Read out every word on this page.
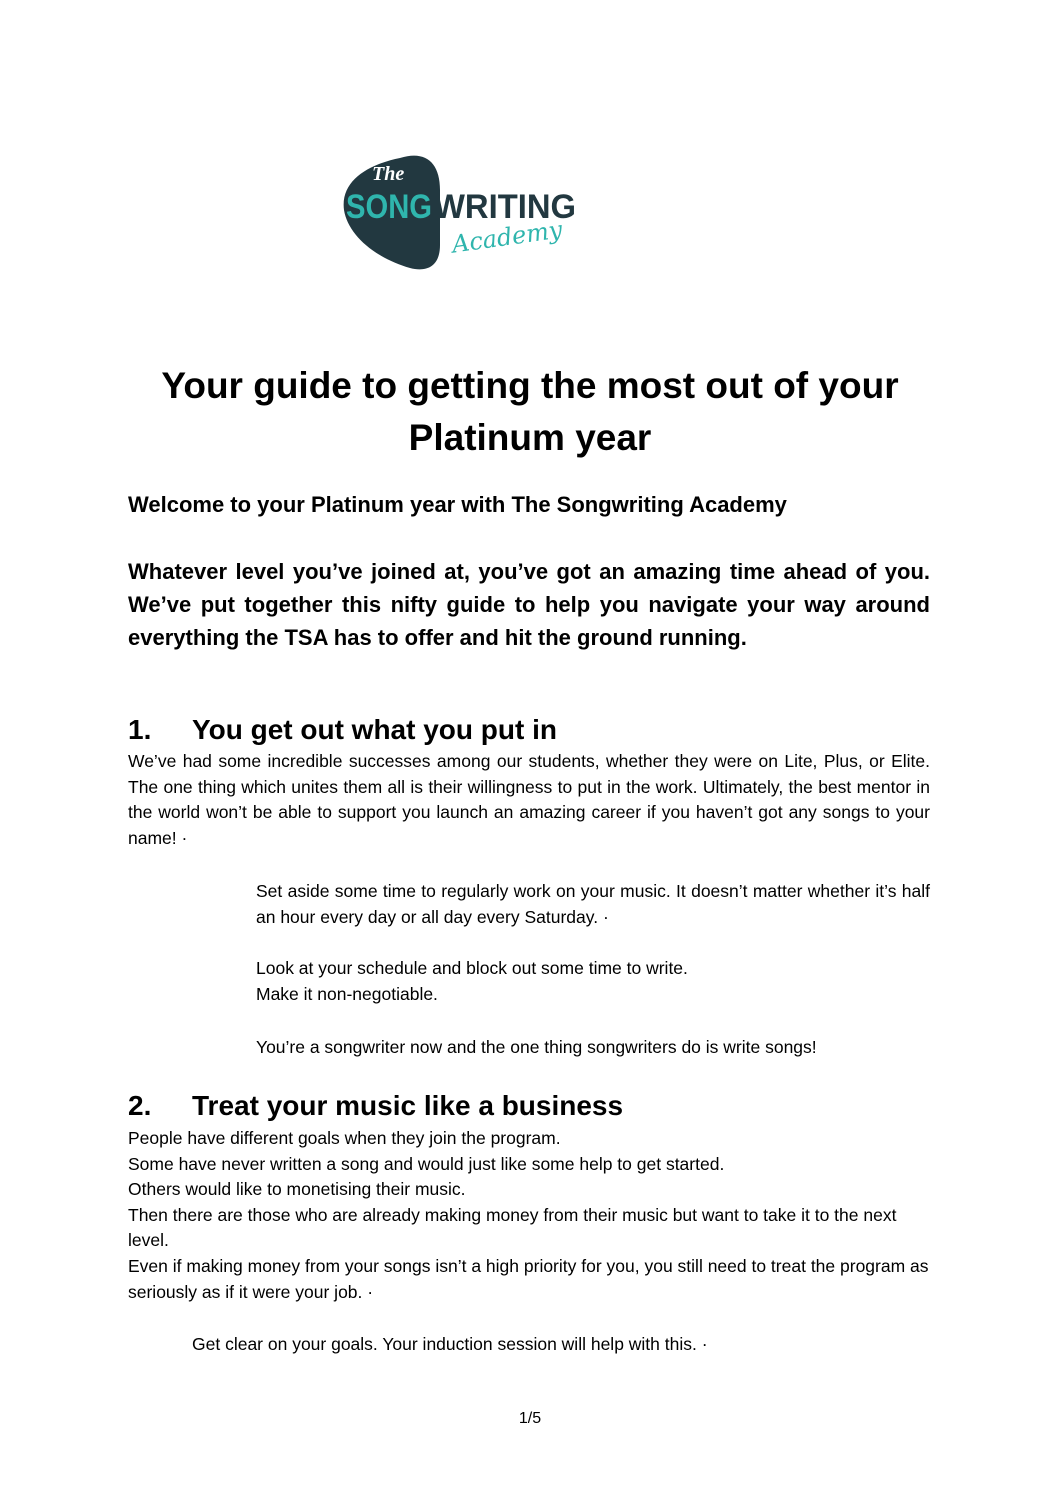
The
SONG WRITING
Academy
Your guide to getting the most out of your
Platinum year

Welcome to your Platinum year with The Songwriting Academy

Whatever level you’ve joined at, you’ve got an amazing time ahead of you. We’ve put together this nifty guide to help you navigate your way around everything the TSA has to offer and hit the ground running.

1.	You get out what you put in

We’ve had some incredible successes among our students, whether they were on Lite, Plus, or Elite. The one thing which unites them all is their willingness to put in the work. Ultimately, the best mentor in the world won’t be able to support you launch an amazing career if you haven’t got any songs to your name! ·

Set aside some time to regularly work on your music. It doesn’t matter whether it’s half an hour every day or all day every Saturday. ·

Look at your schedule and block out some time to write.

Make it non-negotiable.

You’re a songwriter now and the one thing songwriters do is write songs!

2.	Treat your music like a business
People have different goals when they join the program.
Some have never written a song and would just like some help to get started.
Others would like to monetising their music.
Then there are those who are already making money from their music but want to take it to the next level.
Even if making money from your songs isn’t a high priority for you, you still need to treat the program as seriously as if it were your job. ·

Get clear on your goals. Your induction session will help with this. ·

1/5
